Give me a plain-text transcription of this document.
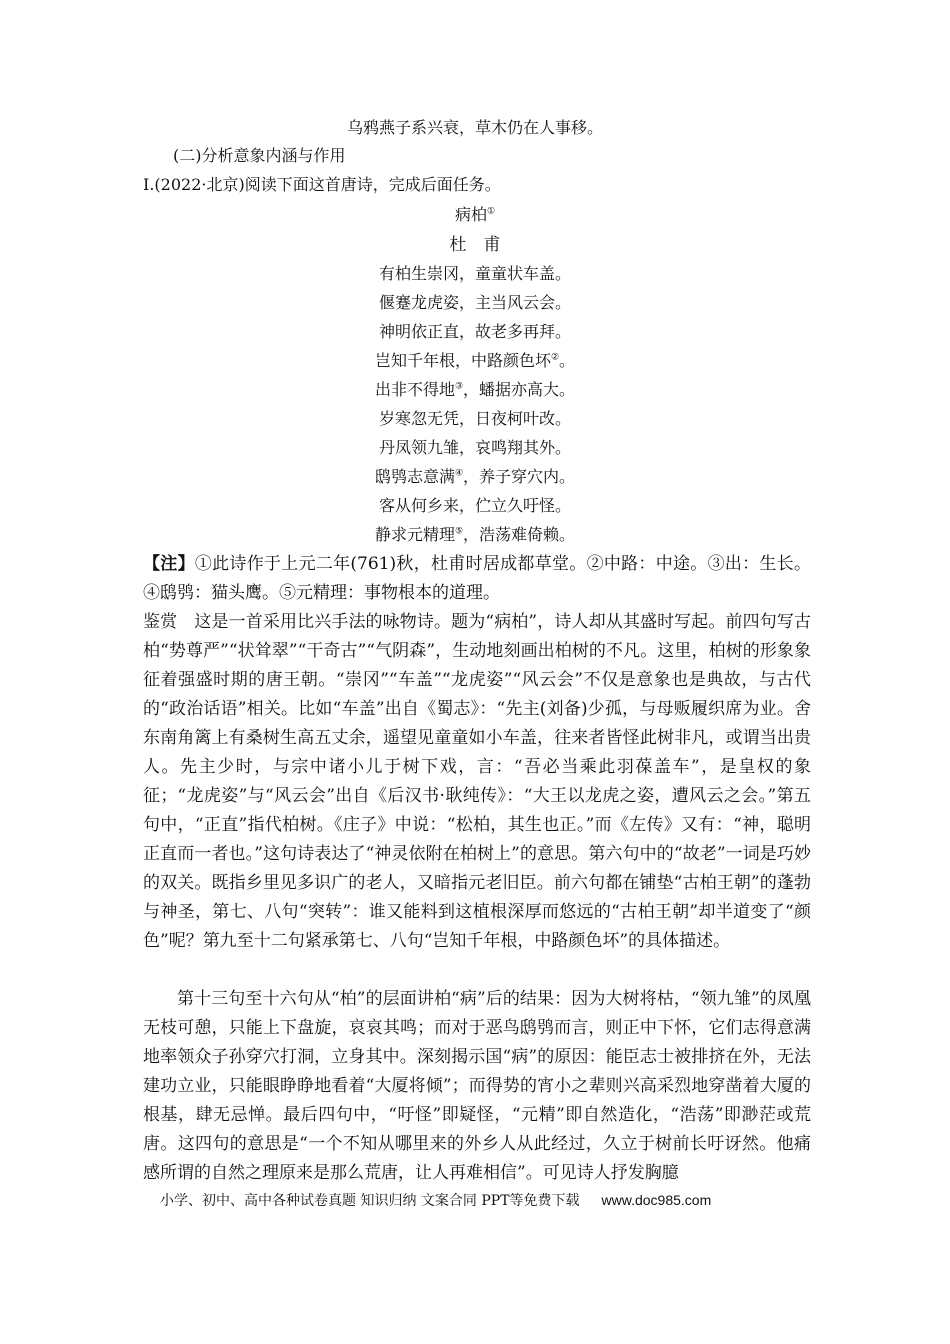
乌鸦燕子系兴衰，草木仍在人事移。
(二)分析意象内涵与作用
Ⅰ.(2022·北京)阅读下面这首唐诗，完成后面任务。
病柏①
杜　甫
有柏生崇冈，童童状车盖。
偃蹇龙虎姿，主当风云会。
神明依正直，故老多再拜。
岂知千年根，中路颜色坏②。
出非不得地③，蟠据亦高大。
岁寒忽无凭，日夜柯叶改。
丹凤领九雏，哀鸣翔其外。
鸱鸮志意满④，养子穿穴内。
客从何乡来，伫立久吁怪。
静求元精理⑤，浩荡难倚赖。
【注】①此诗作于上元二年(761)秋，杜甫时居成都草堂。②中路：中途。③出：生长。④鸱鸮：猫头鹰。⑤元精理：事物根本的道理。
鉴赏　 这是一首采用比兴手法的咏物诗。题为“病柏”，诗人却从其盛时写起。前四句写古柏“势尊严”“状耸翠”“干奇古”“气阴森”，生动地刻画出柏树的不凡。这里，柏树的形象象征着强盛时期的唐王朝。“崇冈”“车盖”“龙虎姿”“风云会”不仅是意象也是典故，与古代的“政治话语”相关。比如“车盖”出自《蜀志》：“先主(刘备)少孤，与母贩履织席为业。舍东南角篱上有桑树生高五丈余，遥望见童童如小车盖，往来者皆怪此树非凡，或谓当出贵人。先主少时，与宗中诸小儿于树下戏，言：“吾必当乘此羽葆盖车”，是皇权的象征；“龙虎姿”与“风云会”出自《后汉书·耿纯传》：“大王以龙虎之姿，遭风云之会。”第五句中，“正直”指代柏树。《庄子》中说：“松柏，其生也正。”而《左传》又有：“神，聪明正直而一者也。”这句诗表达了“神灵依附在柏树上”的意思。第六句中的“故老”一词是巧妙的双关。既指乡里见多识广的老人，又暗指元老旧臣。前六句都在铺垫“古柏王朝”的蓬勃与神圣，第七、八句“突转”：谁又能料到这植根深厚而悠远的“古柏王朝”却半道变了“颜色”呢？第九至十二句紧承第七、八句“岂知千年根，中路颜色坏”的具体描述。
第十三句至十六句从“柏”的层面讲柏“病”后的结果：因为大树将枯，“领九雏”的凤凰无枝可憩，只能上下盘旋，哀哀其鸣；而对于恶鸟鸱鸮而言，则正中下怀，它们志得意满地率领众子孙穿穴打洞，立身其中。深刻揭示国“病”的原因：能臣志士被排挤在外，无法建功立业，只能眼睁睁地看着“大厦将倾”；而得势的宵小之辈则兴高采烈地穿凿着大厦的根基，肆无忌惮。最后四句中，“吁怪”即疑怪，“元精”即自然造化，“浩荡”即渺茫或荒唐。这四句的意思是“一个不知从哪里来的外乡人从此经过，久立于树前长吁讶然。他痛感所谓的自然之理原来是那么荒唐，让人再难相信”。可见诗人抒发胸臆
小学、初中、高中各种试卷真题 知识归纳 文案合同 PPT等免费下载 www.doc985.com
